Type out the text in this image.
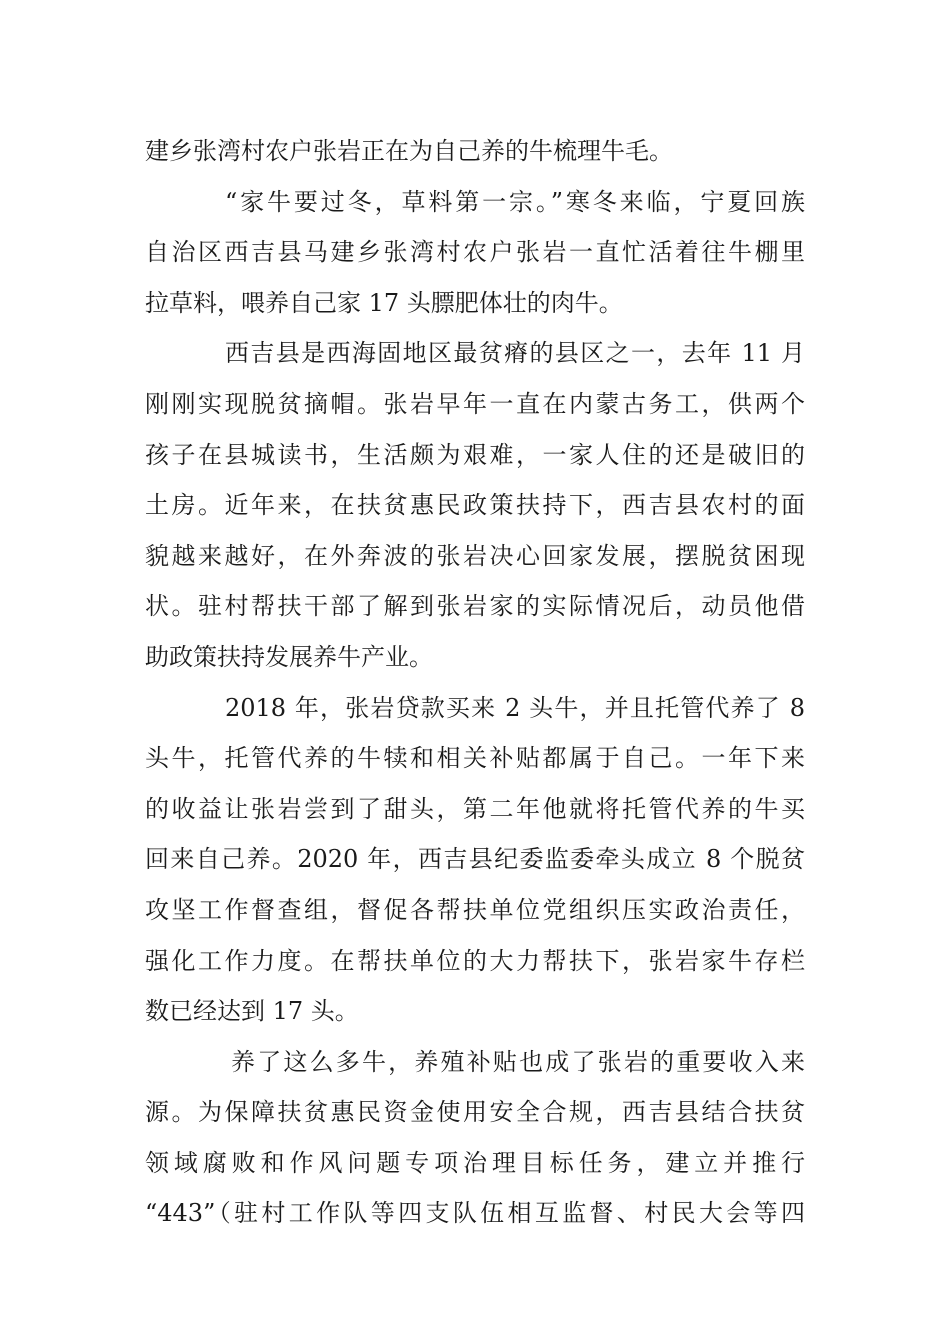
建乡张湾村农户张岩正在为自己养的牛梳理牛毛。
“家牛要过冬，草料第一宗。”寒冬来临，宁夏回族
自治区西吉县马建乡张湾村农户张岩一直忙活着往牛棚里
拉草料，喂养自己家 17 头膘肥体壮的肉牛。
西吉县是西海固地区最贫瘠的县区之一，去年 11 月
刚刚实现脱贫摘帽。张岩早年一直在内蒙古务工，供两个
孩子在县城读书，生活颇为艰难，一家人住的还是破旧的
土房。近年来，在扶贫惠民政策扶持下，西吉县农村的面
貌越来越好，在外奔波的张岩决心回家发展，摆脱贫困现
状。驻村帮扶干部了解到张岩家的实际情况后，动员他借
助政策扶持发展养牛产业。
2018 年，张岩贷款买来 2 头牛，并且托管代养了 8
头牛，托管代养的牛犊和相关补贴都属于自己。一年下来
的收益让张岩尝到了甜头，第二年他就将托管代养的牛买
回来自己养。2020 年，西吉县纪委监委牵头成立 8 个脱贫
攻坚工作督查组，督促各帮扶单位党组织压实政治责任，
强化工作力度。在帮扶单位的大力帮扶下，张岩家牛存栏
数已经达到 17 头。
养了这么多牛，养殖补贴也成了张岩的重要收入来
源。为保障扶贫惠民资金使用安全合规，西吉县结合扶贫
领域腐败和作风问题专项治理目标任务，建立并推行
“443”（驻村工作队等四支队伍相互监督、村民大会等四
